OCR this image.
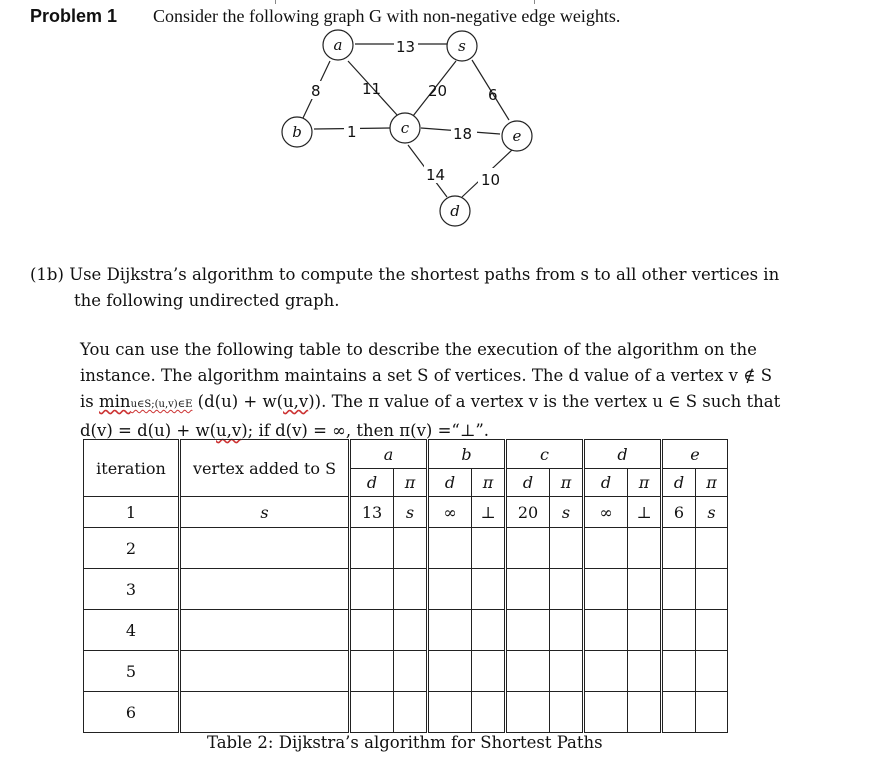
Problem 1 Consider the following graph G with non-negative edge weights.
13
8	11	20	6
1	18
14 10
a	s
b	c	e
d
(1b) Use Dijkstra’s algorithm to compute the shortest paths from s to all other vertices in
the following undirected graph.
You can use the following table to describe the execution of the algorithm on the
instance. The algorithm maintains a set S of vertices. The d value of a vertex v ∉ S
is minu∈S;(u,v)∈E (d(u) + w(u,v)). The π value of a vertex v is the vertex u ∈ S such that
d(v) = d(u) + w(u,v); if d(v) = ∞, then π(v) =“⊥”.
iteration	vertex added to S	a		b		c		d		e	
		d	π	d	π	d	π	d	π	d	π
1	s	13	s	∞	⊥	20	s	∞	⊥	6	s
2											
3											
4											
5											
6											
Table 2: Dijkstra’s algorithm for Shortest Paths
